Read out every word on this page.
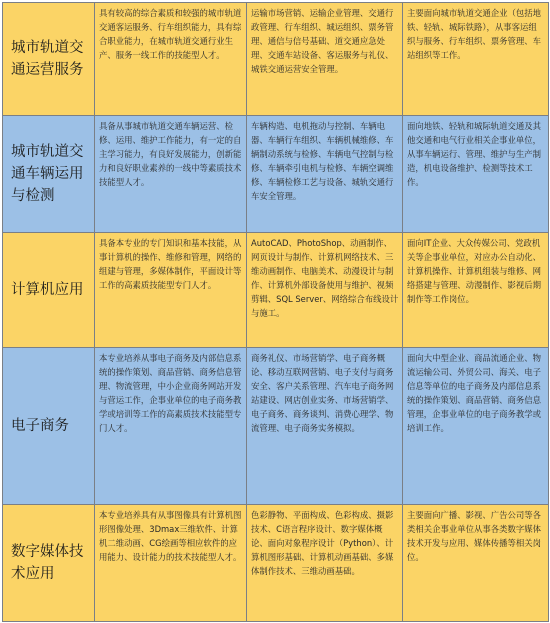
城市轨道交通运营服务	具有较高的综合素质和较强的城市轨道交通客运服务、行车组织能力，具有综合职业能力，在城市轨道交通行业生产、服务一线工作的技能型人才。	运输市场营销、运输企业管理、交通行政管理、行车组织、城运组织、票务管理、通信与信号基础、道交通应急处理、交通车站设备、客运服务与礼仪、城铁交通运营安全管理。	主要面向城市轨道交通企业（包括地铁、轻轨、城际铁路），从事客运组织与服务、行车组织、票务管理、车站组织等工作。
城市轨道交通车辆运用与检测	具备从事城市轨道交通车辆运营、检修、运用、维护工作能力，有一定的自主学习能力，有良好发展能力，创新能力和良好职业素养的一线中等素质技术技能型人才。	车辆构造、电机拖动与控制、车辆电器、车辆行车组织、车辆机械维修、车辆制动系统与检修、车辆电气控制与检修、车辆牵引电机与检修、车辆空调维修、车辆检修工艺与设备、城轨交通行车安全管理。	面向地铁、轻轨和城际轨道交通及其他交通和电气行业相关企事业单位，从事车辆运行、管理、维护与生产制造，机电设备维护、检测等技术工作。
计算机应用	具备本专业的专门知识和基本技能，从事计算机的操作、维修和管理，网络的组建与管理，多媒体制作，平面设计等工作的高素质技能型专门人才。	AutoCAD、PhotoShop、动画制作、网页设计与制作、计算机网络技术、三维动画制作、电脑美术、动漫设计与制作、计算机外部设备使用与维护、视频剪辑、SQL Server、网络综合布线设计与施工。	面向IT企业、大众传媒公司、党政机关等企事业单位，对应办公自动化、计算机操作、计算机组装与维修、网络搭建与管理、动漫制作、影视后期制作等工作岗位。
电子商务	本专业培养从事电子商务及内部信息系统的操作策划、商品营销、商务信息管理、物流管理，中小企业商务网站开发与营运工作，企事业单位的电子商务教学或培训等工作的高素质技术技能型专门人才。	商务礼仪、市场营销学、电子商务概论、移动互联网营销、电子支付与商务安全、客户关系管理、汽车电子商务网站建设、网店创业实务、市场营销学、电子商务、商务谈判、消费心理学、物流管理、电子商务实务模拟。	面向大中型企业、商品流通企业、物流运输公司、外贸公司、海关、电子信息等单位的电子商务及内部信息系统的操作策划、商品营销、商务信息管理，企事业单位的电子商务教学或培训工作。
数字媒体技术应用	本专业培养具有从事图像具有计算机图形图像处理、3Dmax三维软件、计算机二维动画、CG绘画等相应软件的应用能力、设计能力的技术技能型人才。	色彩静物、平面构成、色彩构成、摄影技术、C语言程序设计、数字媒体概论、面向对象程序设计（Python）、计算机图形基础、计算机动画基础、多媒体制作技术、三维动画基础。	主要面向广播、影视、广告公司等各类相关企事业单位从事各类数字媒体技术开发与应用、媒体传播等相关岗位。
